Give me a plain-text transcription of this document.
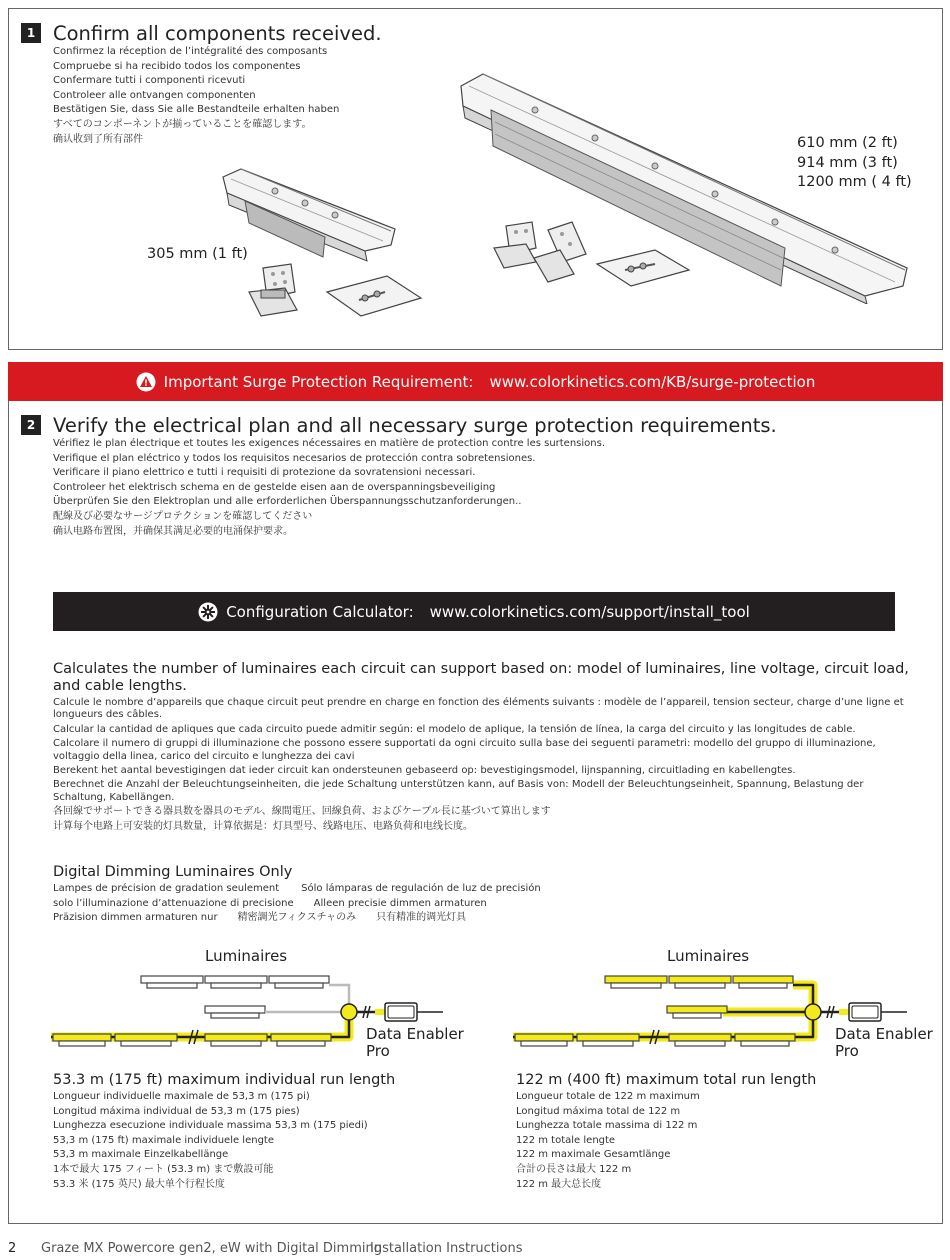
1 Confirm all components received.
Confirmez la réception de l’intégralité des composants
Compruebe si ha recibido todos los componentes
Confermare tutti i componenti ricevuti
Controleer alle ontvangen componenten
Bestätigen Sie, dass Sie alle Bestandteile erhalten haben
すべてのコンポーネントが揃っていることを確認します。
确认收到了所有部件
305 mm (1 ft)
610 mm (2 ft)
914 mm (3 ft)
1200 mm ( 4 ft)
Important Surge Protection Requirement: www.colorkinetics.com/KB/surge-protection
2 Verify the electrical plan and all necessary surge protection requirements.
Vérifiez le plan électrique et toutes les exigences nécessaires en matière de protection contre les surtensions.
Verifique el plan eléctrico y todos los requisitos necesarios de protección contra sobretensiones.
Verificare il piano elettrico e tutti i requisiti di protezione da sovratensioni necessari.
Controleer het elektrisch schema en de gestelde eisen aan de overspanningsbeveiliging
Überprüfen Sie den Elektroplan und alle erforderlichen Überspannungsschutzanforderungen..
配線及び必要なサージプロテクションを確認してください
确认电路布置图，并确保其满足必要的电涌保护要求。
Configuration Calculator: www.colorkinetics.com/support/install_tool
Calculates the number of luminaires each circuit can support based on: model of luminaires, line voltage, circuit load, and cable lengths.
Calcule le nombre d’appareils que chaque circuit peut prendre en charge en fonction des éléments suivants : modèle de l’appareil, tension secteur, charge d’une ligne et longueurs des câbles.
Calcular la cantidad de apliques que cada circuito puede admitir según: el modelo de aplique, la tensión de línea, la carga del circuito y las longitudes de cable.
Calcolare il numero di gruppi di illuminazione che possono essere supportati da ogni circuito sulla base dei seguenti parametri: modello del gruppo di illuminazione, voltaggio della linea, carico del circuito e lunghezza dei cavi
Berekent het aantal bevestigingen dat ieder circuit kan ondersteunen gebaseerd op: bevestigingsmodel, lijnspanning, circuitlading en kabellengtes.
Berechnet die Anzahl der Beleuchtungseinheiten, die jede Schaltung unterstützen kann, auf Basis von: Modell der Beleuchtungseinheit, Spannung, Belastung der Schaltung, Kabellängen.
各回線でサポートできる器具数を器具のモデル、線間電圧、回線負荷、およびケーブル長に基づいて算出します
计算每个电路上可安装的灯具数量，计算依据是：灯具型号、线路电压、电路负荷和电线长度。
Digital Dimming Luminaires Only
Lampes de précision de gradation seulement Sólo lámparas de regulación de luz de precisión
solo l’illuminazione d’attenuazione di precisione Alleen precisie dimmen armaturen
Präzision dimmen armaturen nur 精密調光フィクスチャのみ 只有精准的调光灯具
Luminaires
Data Enabler
Pro
Luminaires
Data Enabler
Pro
53.3 m (175 ft) maximum individual run length
Longueur individuelle maximale de 53,3 m (175 pi)
Longitud máxima individual de 53,3 m (175 pies)
Lunghezza esecuzione individuale massima 53,3 m (175 piedi)
53,3 m (175 ft) maximale individuele lengte
53,3 m maximale Einzelkabellänge
1本で最大 175 フィート (53.3 m) まで敷設可能
53.3 米 (175 英尺) 最大单个行程长度
122 m (400 ft) maximum total run length
Longueur totale de 122 m maximum
Longitud máxima total de 122 m
Lunghezza totale massima di 122 m
122 m totale lengte
122 m maximale Gesamtlänge
合計の長さは最大 122 m
122 m 最大总长度
2 Graze MX Powercore gen2, eW with Digital Dimming
Installation Instructions
